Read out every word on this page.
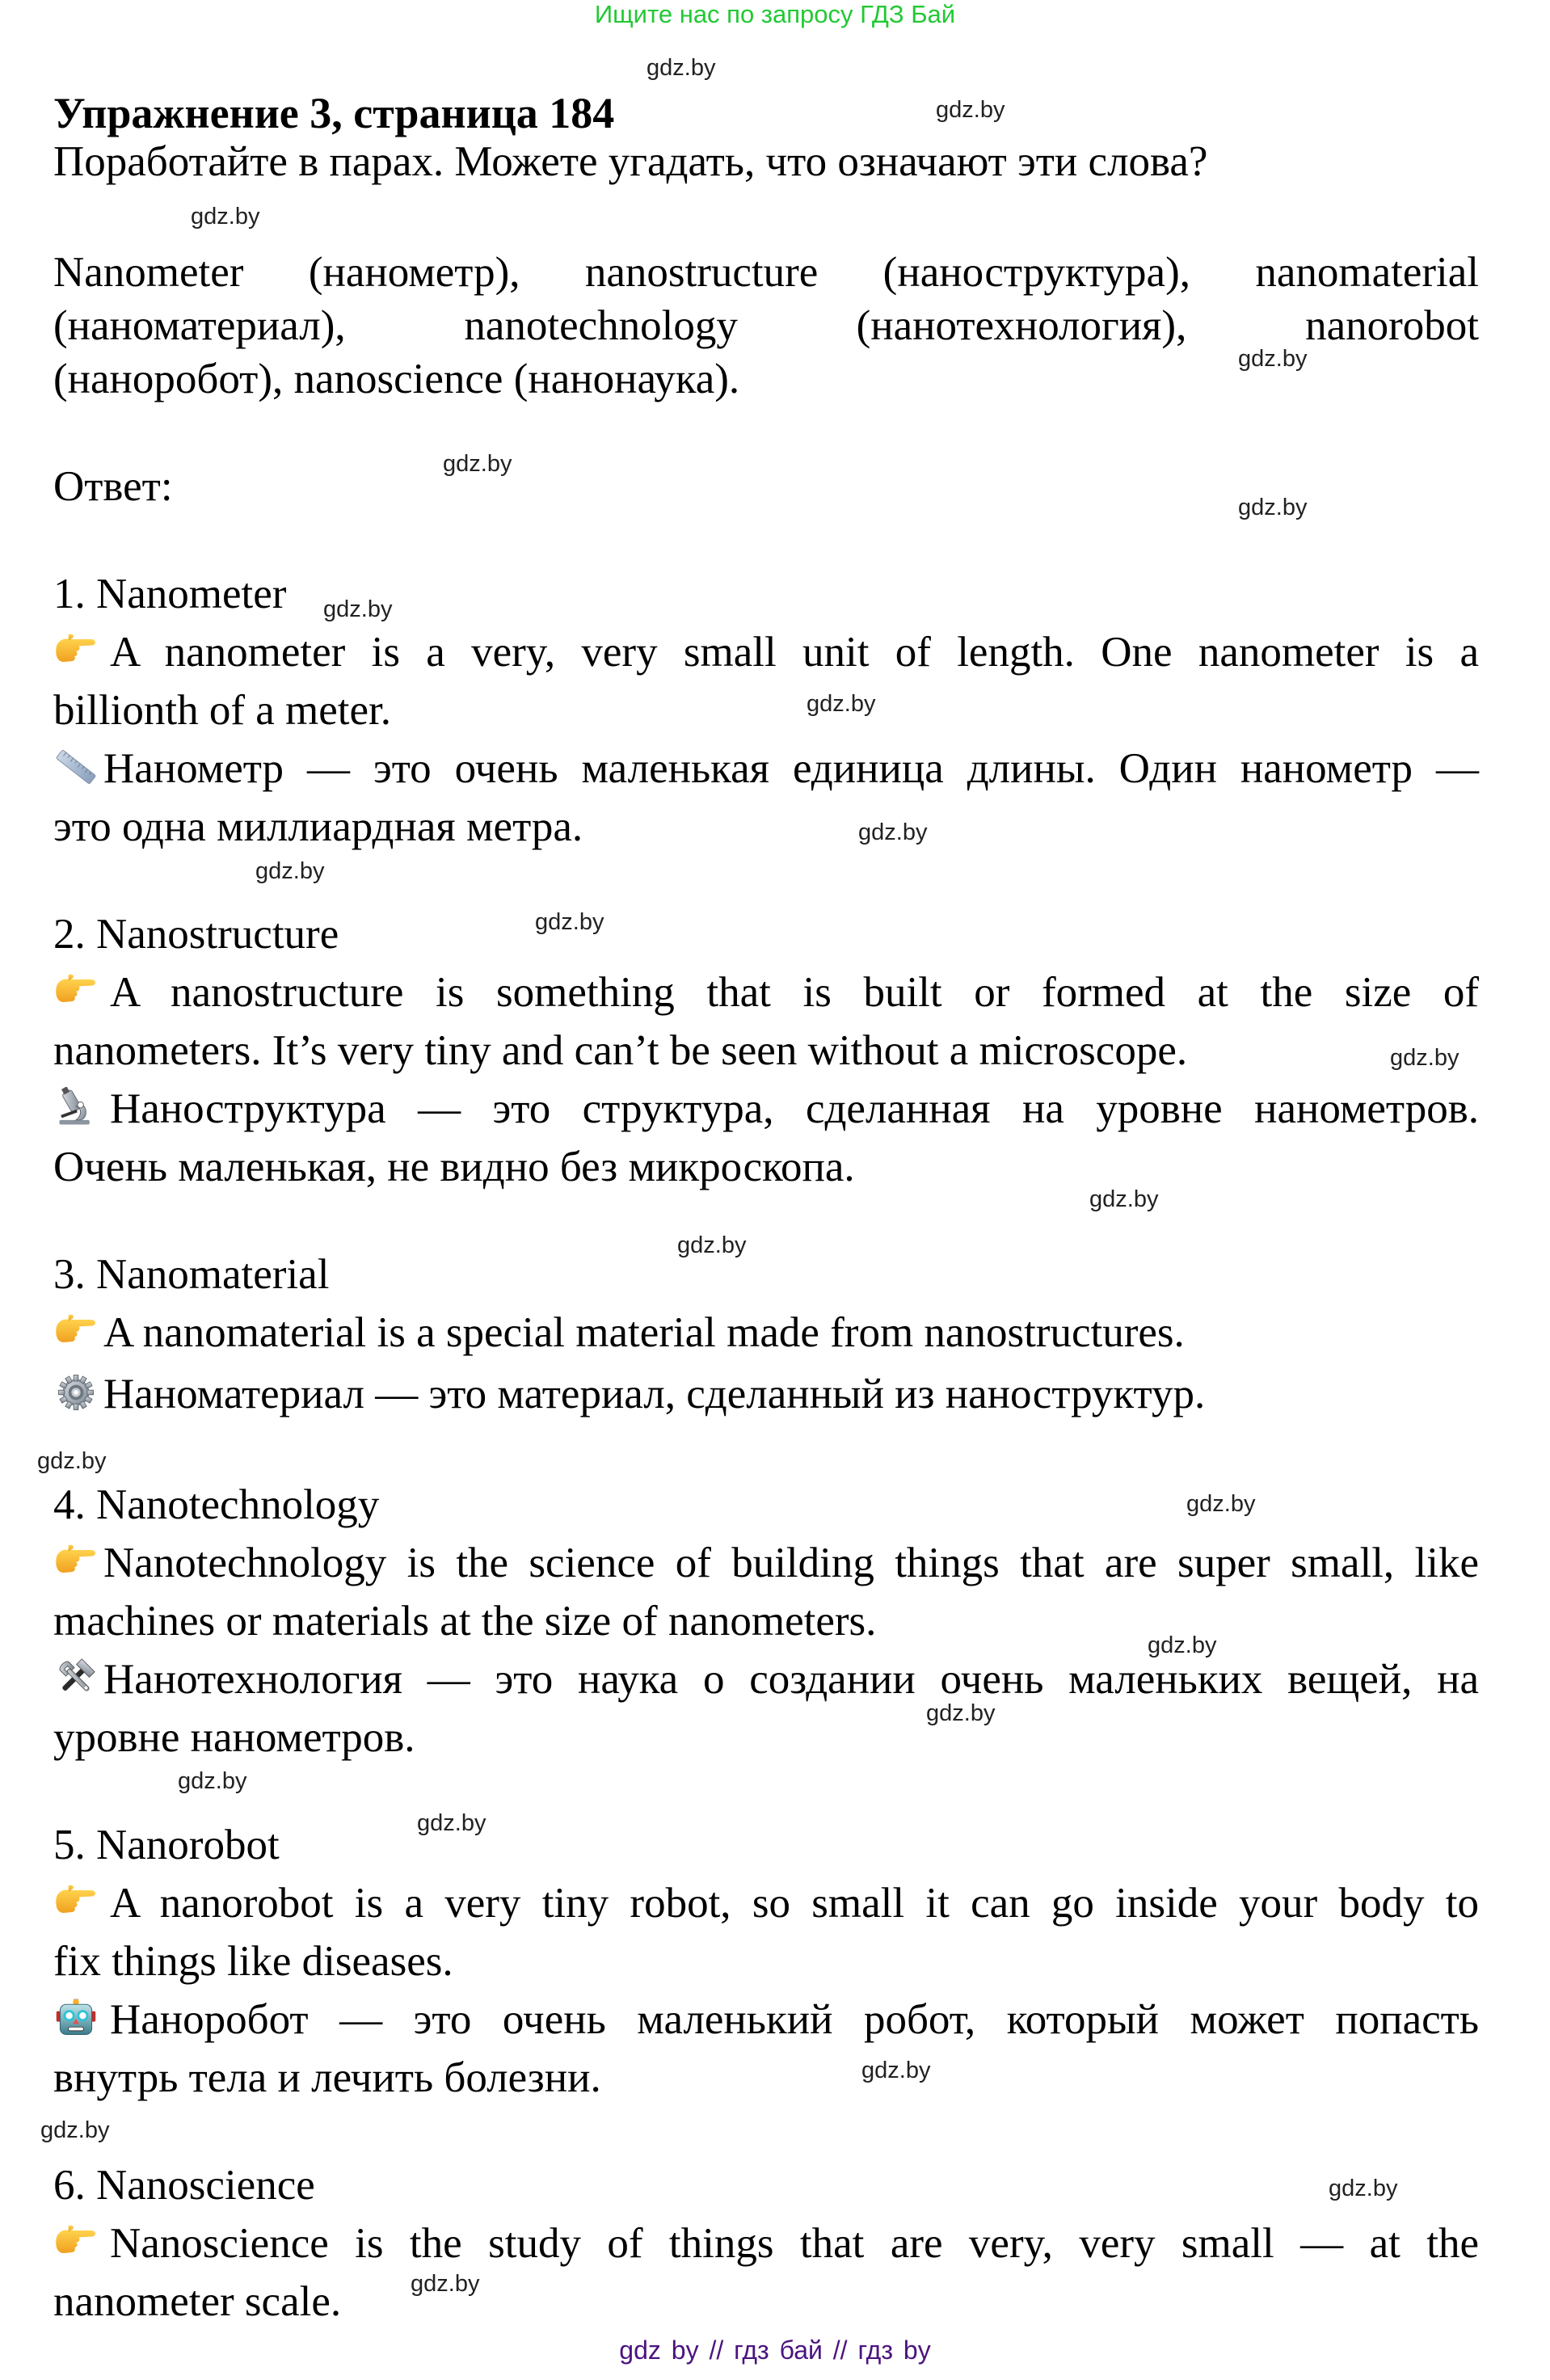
Ищите нас по запросу ГДЗ Бай
Упражнение 3, страница 184
Поработайте в парах. Можете угадать, что означают эти слова?
Nanometer (нанометр), nanostructure (наноструктура), nanomaterial
(наноматериал), nanotechnology (нанотехнология), nanorobot
(наноробот), nanoscience (нанонаука).
Ответ:
1. Nanometer
A nanometer is a very, very small unit of length. One nanometer is a
billionth of a meter.
Нанометр — это очень маленькая единица длины. Один нанометр —
это одна миллиардная метра.
2. Nanostructure
A nanostructure is something that is built or formed at the size of
nanometers. It’s very tiny and can’t be seen without a microscope.
Наноструктура — это структура, сделанная на уровне нанометров.
Очень маленькая, не видно без микроскопа.
3. Nanomaterial
A nanomaterial is a special material made from nanostructures.
Наноматериал — это материал, сделанный из наноструктур.
4. Nanotechnology
Nanotechnology is the science of building things that are super small, like
machines or materials at the size of nanometers.
Нанотехнология — это наука о создании очень маленьких вещей, на
уровне нанометров.
5. Nanorobot
A nanorobot is a very tiny robot, so small it can go inside your body to
fix things like diseases.
Наноробот — это очень маленький робот, который может попасть
внутрь тела и лечить болезни.
6. Nanoscience
Nanoscience is the study of things that are very, very small — at the
nanometer scale.
gdz.by
gdz.by
gdz.by
gdz.by
gdz.by
gdz.by
gdz.by
gdz.by
gdz.by
gdz.by
gdz.by
gdz.by
gdz.by
gdz.by
gdz.by
gdz.by
gdz.by
gdz.by
gdz.by
gdz.by
gdz.by
gdz.by
gdz.by
gdz.by
gdz by // гдз бай // гдз by
